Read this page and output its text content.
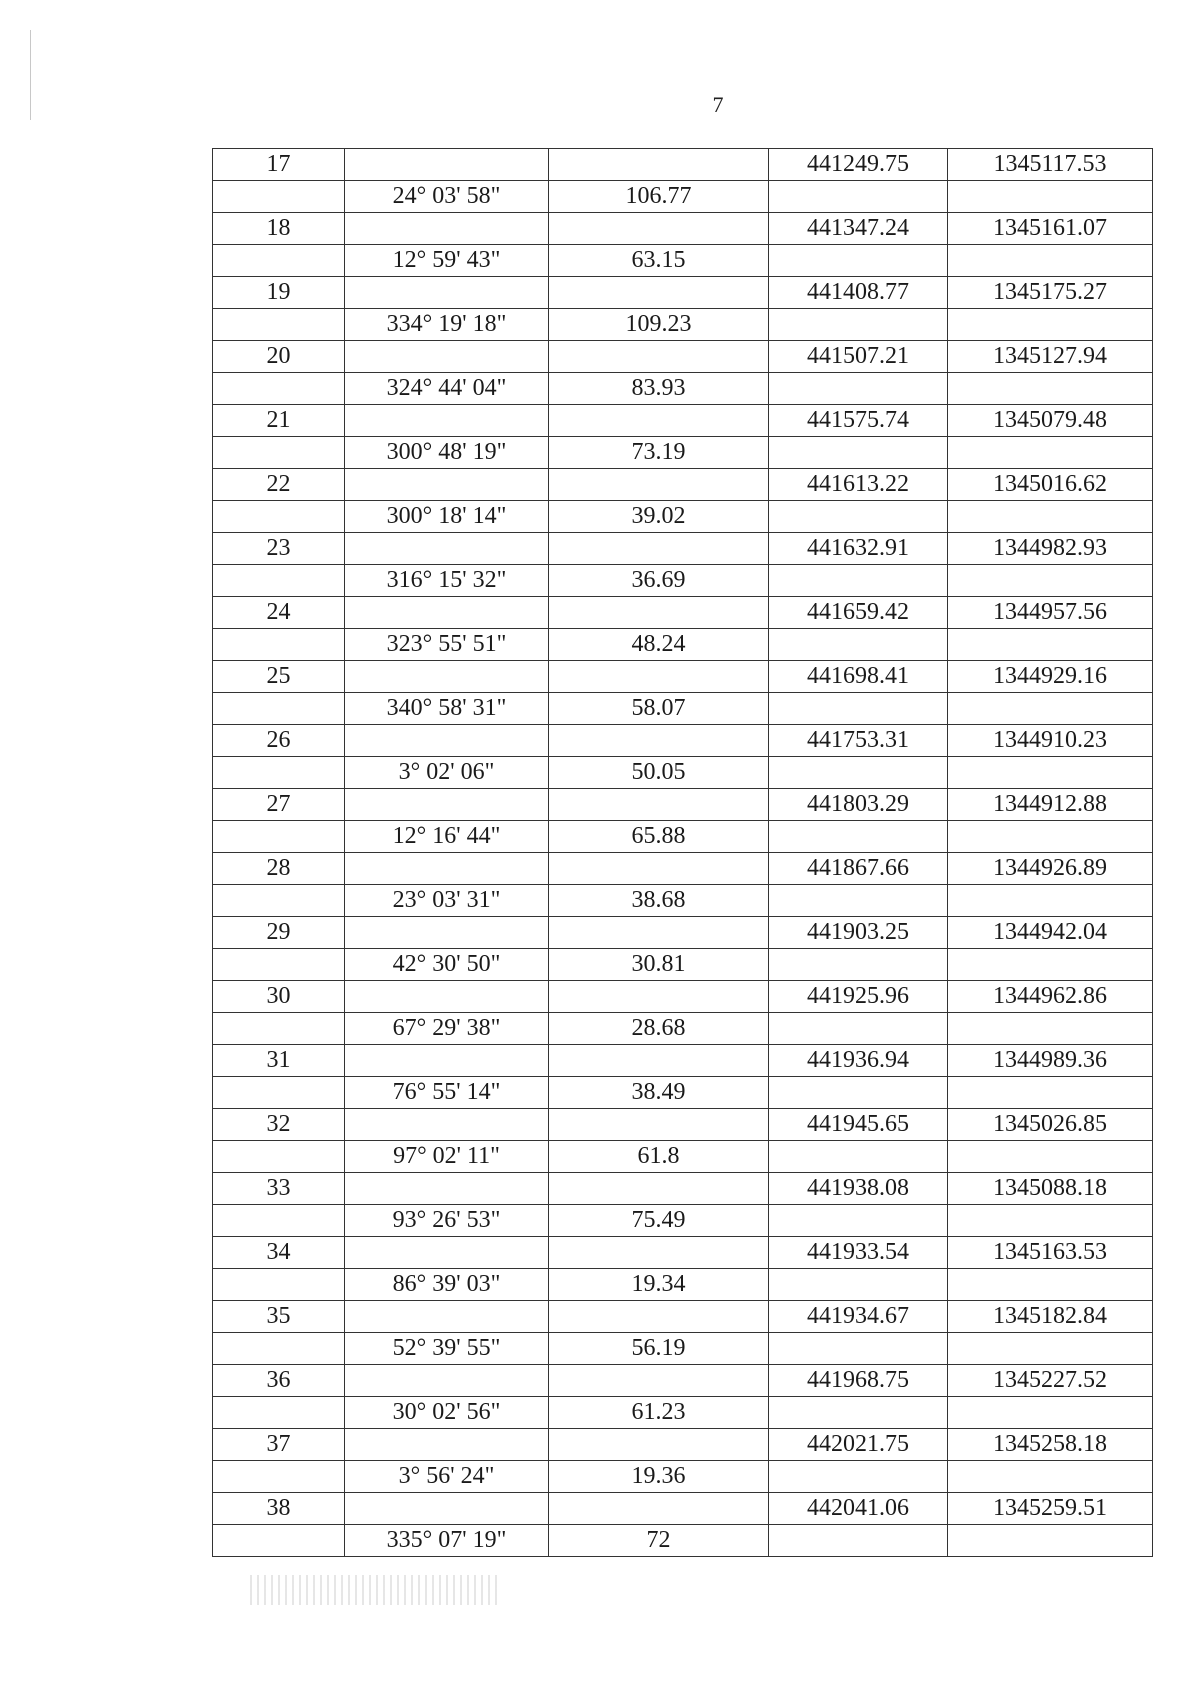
7
17			441249.75	1345117.53
	24° 03' 58"	106.77		
18			441347.24	1345161.07
	12° 59' 43"	63.15		
19			441408.77	1345175.27
	334° 19' 18"	109.23		
20			441507.21	1345127.94
	324° 44' 04"	83.93		
21			441575.74	1345079.48
	300° 48' 19"	73.19		
22			441613.22	1345016.62
	300° 18' 14"	39.02		
23			441632.91	1344982.93
	316° 15' 32"	36.69		
24			441659.42	1344957.56
	323° 55' 51"	48.24		
25			441698.41	1344929.16
	340° 58' 31"	58.07		
26			441753.31	1344910.23
	3° 02' 06"	50.05		
27			441803.29	1344912.88
	12° 16' 44"	65.88		
28			441867.66	1344926.89
	23° 03' 31"	38.68		
29			441903.25	1344942.04
	42° 30' 50"	30.81		
30			441925.96	1344962.86
	67° 29' 38"	28.68		
31			441936.94	1344989.36
	76° 55' 14"	38.49		
32			441945.65	1345026.85
	97° 02' 11"	61.8		
33			441938.08	1345088.18
	93° 26' 53"	75.49		
34			441933.54	1345163.53
	86° 39' 03"	19.34		
35			441934.67	1345182.84
	52° 39' 55"	56.19		
36			441968.75	1345227.52
	30° 02' 56"	61.23		
37			442021.75	1345258.18
	3° 56' 24"	19.36		
38			442041.06	1345259.51
	335° 07' 19"	72		
